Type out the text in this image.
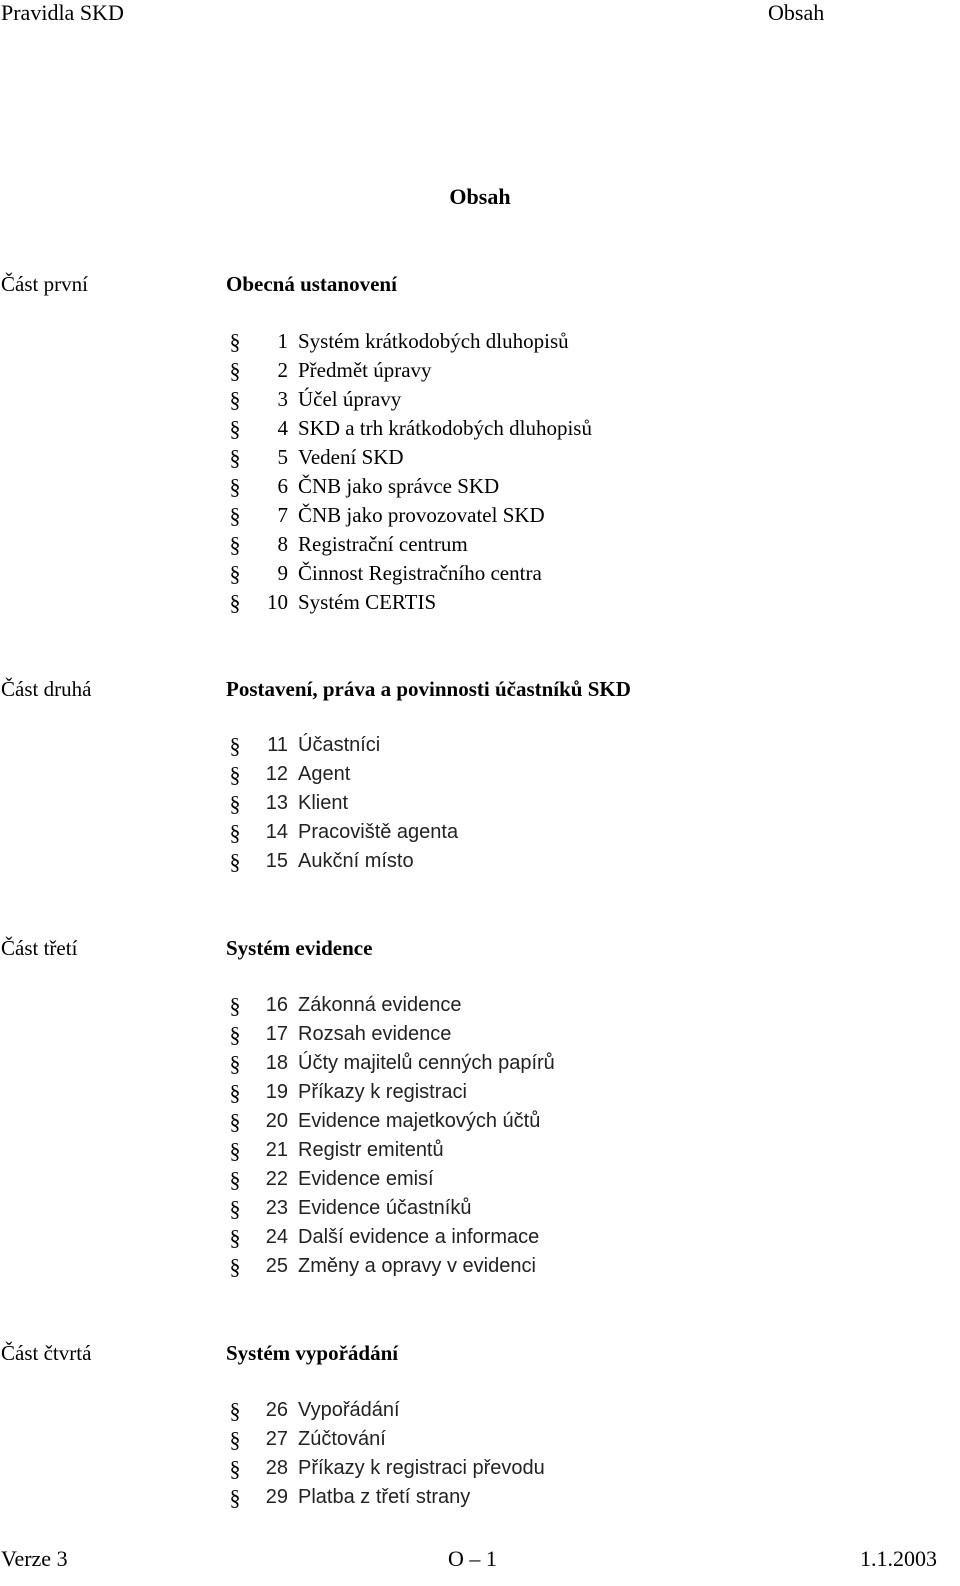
Pravidla SKD	Obsah
Obsah
Část první	Obecná ustanovení
§	1 Systém krátkodobých dluhopisů
§	2 Předmět úpravy
§	3 Účel úpravy
§	4 SKD a trh krátkodobých dluhopisů
§	5 Vedení SKD
§	6 ČNB jako správce SKD
§	7 ČNB jako provozovatel SKD
§	8 Registrační centrum
§	9 Činnost Registračního centra
§	10 Systém CERTIS
Část druhá	Postavení, práva a povinnosti účastníků SKD
§	11 Účastníci
§	12 Agent
§	13 Klient
§	14 Pracoviště agenta
§	15 Aukční místo
Část třetí	Systém evidence
§	16 Zákonná evidence
§	17 Rozsah evidence
§	18 Účty majitelů cenných papírů
§	19 Příkazy k registraci
§	20 Evidence majetkových účtů
§	21 Registr emitentů
§	22 Evidence emisí
§	23 Evidence účastníků
§	24 Další evidence a informace
§	25 Změny a opravy v evidenci
Část čtvrtá	Systém vypořádání
§	26 Vypořádání
§	27 Zúčtování
§	28 Příkazy k registraci převodu
§	29 Platba z třetí strany
Verze 3	O – 1	1.1.2003
